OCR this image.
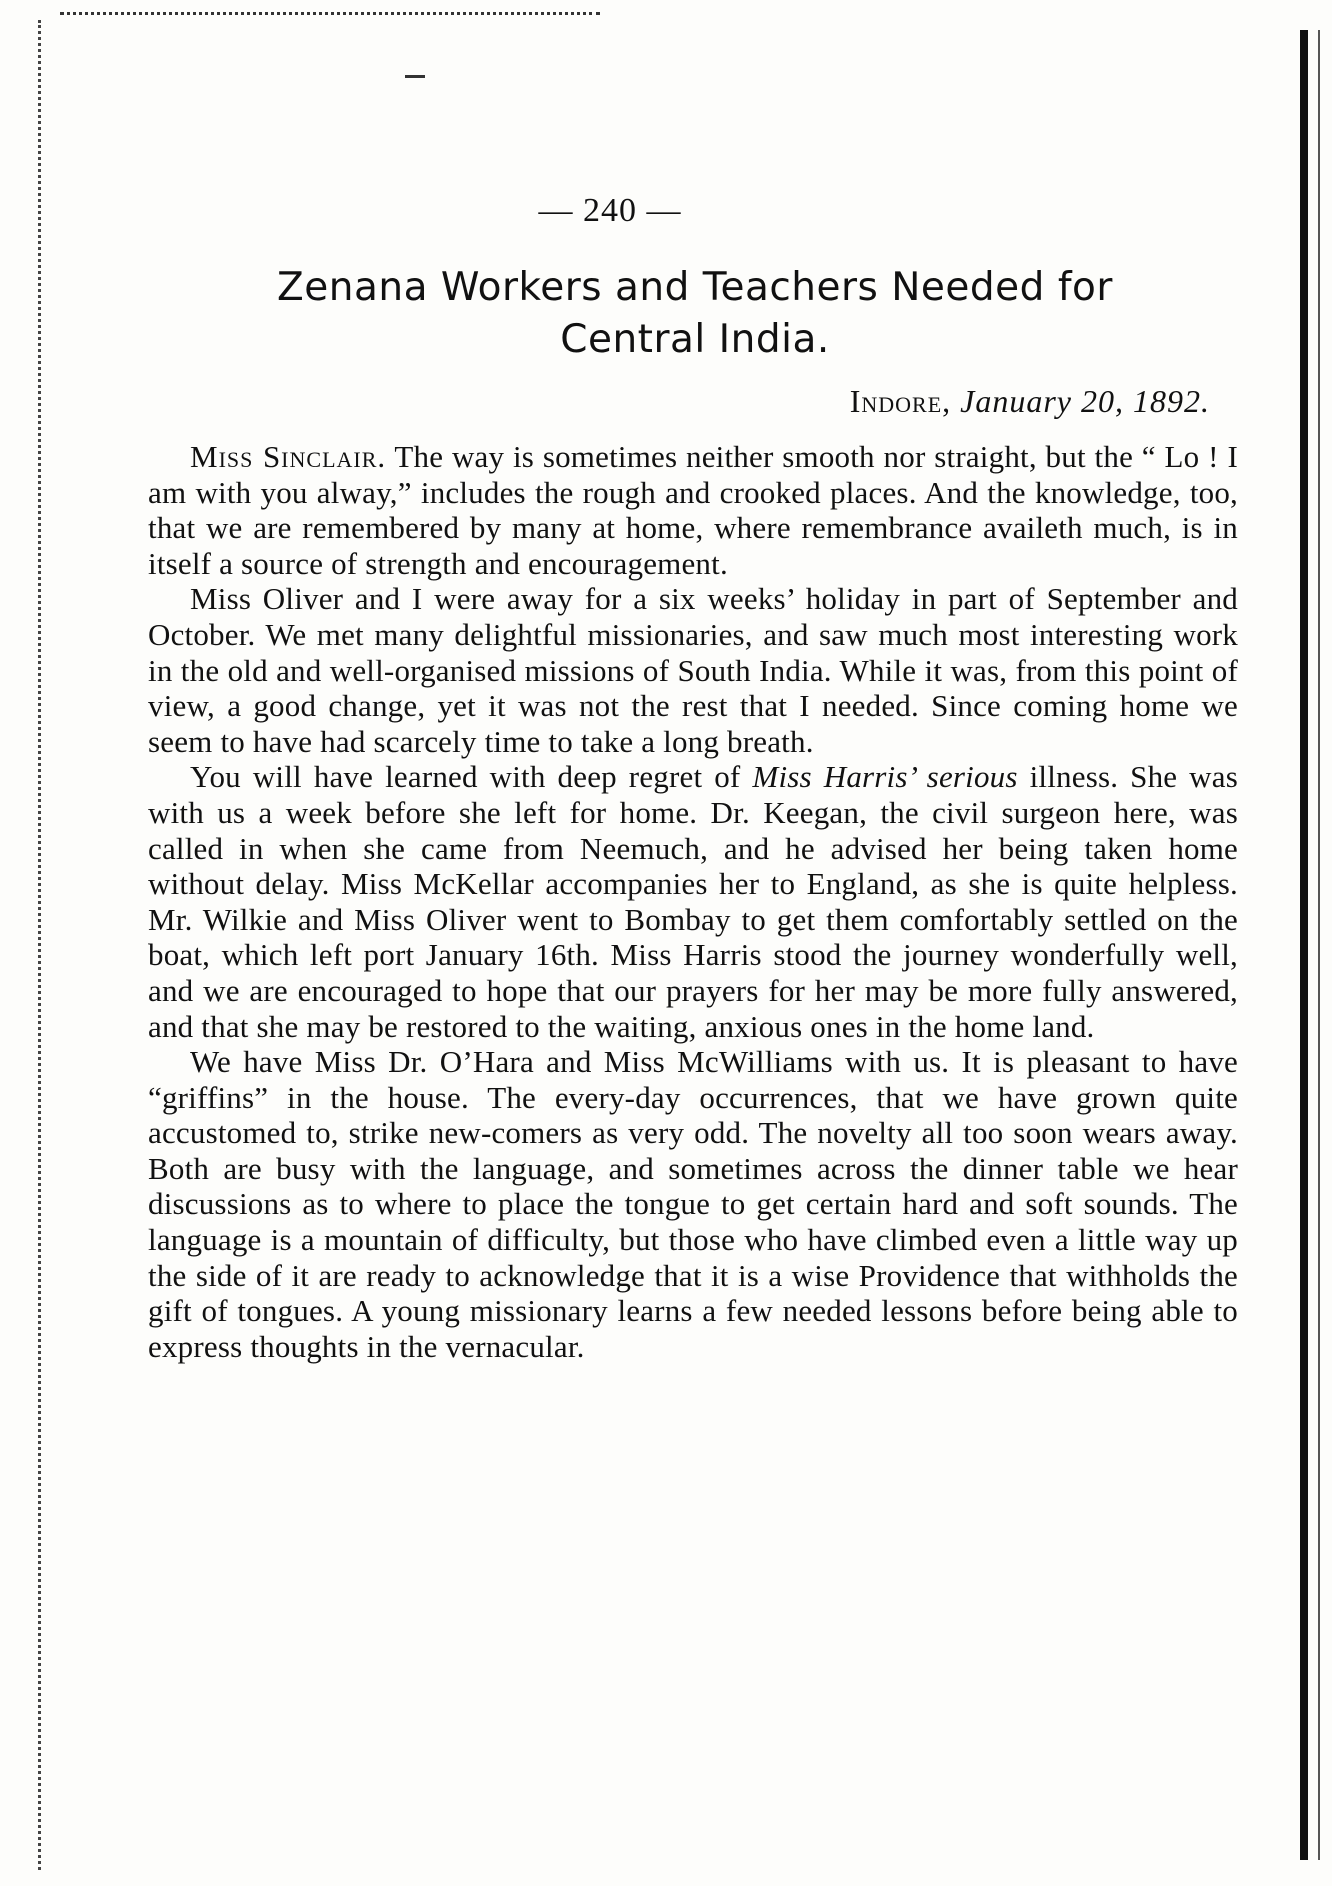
— 240 —
Zenana Workers and Teachers Needed for
Central India.
Indore, January 20, 1892.

Miss Sinclair. The way is sometimes neither smooth nor straight, but the “ Lo ! I am with you alway,” includes the rough and crooked places. And the knowledge, too, that we are remembered by many at home, where remembrance availeth much, is in itself a source of strength and encouragement.

Miss Oliver and I were away for a six weeks’ holiday in part of September and October. We met many delightful missionaries, and saw much most interesting work in the old and well-organised missions of South India. While it was, from this point of view, a good change, yet it was not the rest that I needed. Since coming home we seem to have had scarcely time to take a long breath.

You will have learned with deep regret of Miss Harris’ serious illness. She was with us a week before she left for home. Dr. Keegan, the civil surgeon here, was called in when she came from Neemuch, and he advised her being taken home without delay. Miss McKellar accompanies her to England, as she is quite helpless. Mr. Wilkie and Miss Oliver went to Bombay to get them comfortably settled on the boat, which left port January 16th. Miss Harris stood the journey wonderfully well, and we are encouraged to hope that our prayers for her may be more fully answered, and that she may be restored to the waiting, anxious ones in the home land.

We have Miss Dr. O’Hara and Miss McWilliams with us. It is pleasant to have “griffins” in the house. The every-day occurrences, that we have grown quite accustomed to, strike new-comers as very odd. The novelty all too soon wears away. Both are busy with the language, and sometimes across the dinner table we hear discussions as to where to place the tongue to get certain hard and soft sounds. The language is a mountain of difficulty, but those who have climbed even a little way up the side of it are ready to acknowledge that it is a wise Providence that withholds the gift of tongues. A young missionary learns a few needed lessons before being able to express thoughts in the vernacular.
